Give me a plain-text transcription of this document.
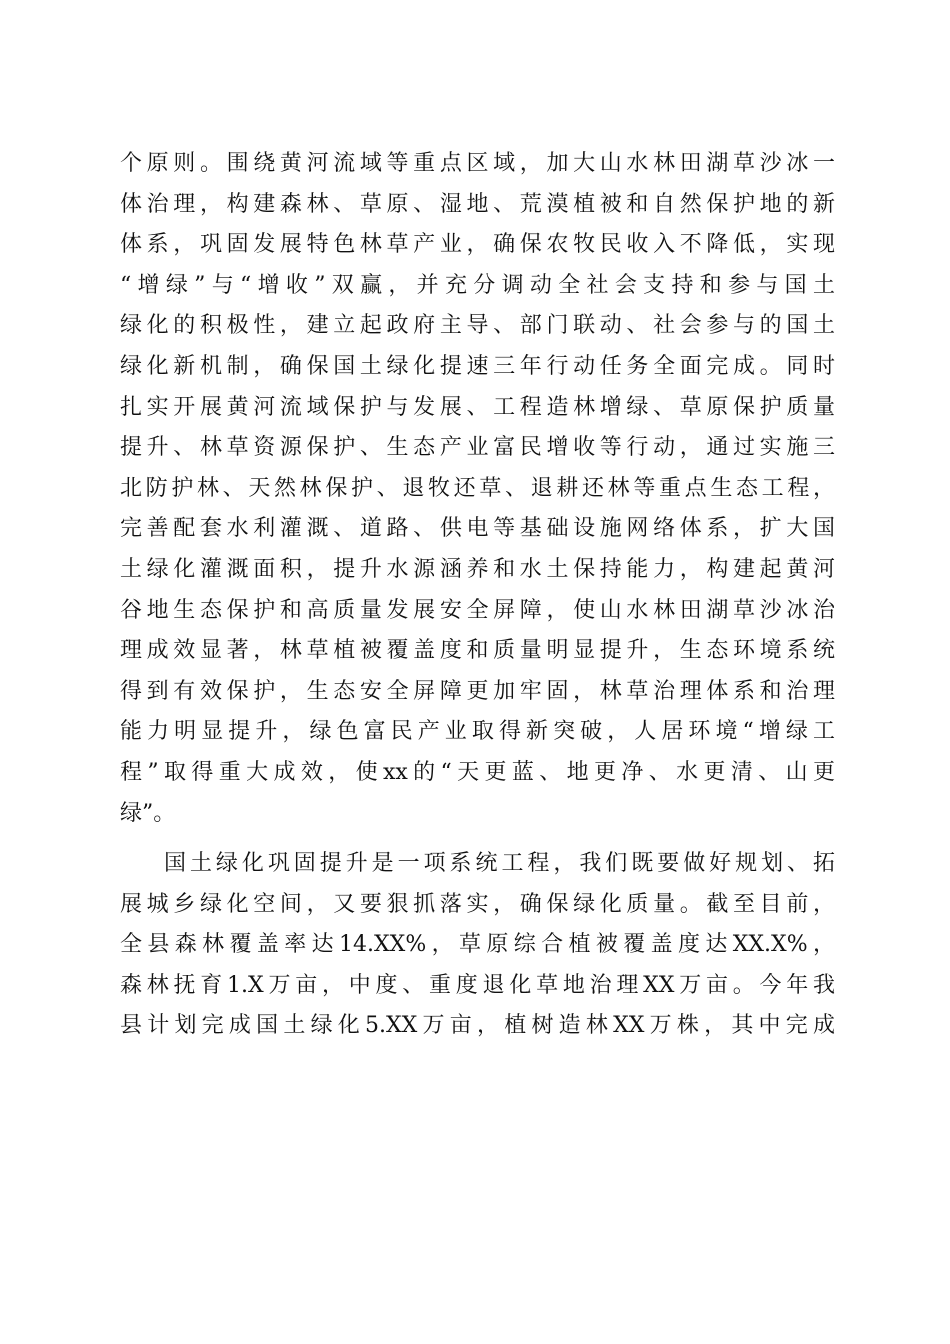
个原则。围绕黄河流域等重点区域，加大山水林田湖草沙冰一
体治理，构建森林、草原、湿地、荒漠植被和自然保护地的新
体系，巩固发展特色林草产业，确保农牧民收入不降低，实现
“增绿”与“增收”双赢，并充分调动全社会支持和参与国土
绿化的积极性，建立起政府主导、部门联动、社会参与的国土
绿化新机制，确保国土绿化提速三年行动任务全面完成。同时
扎实开展黄河流域保护与发展、工程造林增绿、草原保护质量
提升、林草资源保护、生态产业富民增收等行动，通过实施三
北防护林、天然林保护、退牧还草、退耕还林等重点生态工程，
完善配套水利灌溉、道路、供电等基础设施网络体系，扩大国
土绿化灌溉面积，提升水源涵养和水土保持能力，构建起黄河
谷地生态保护和高质量发展安全屏障，使山水林田湖草沙冰治
理成效显著，林草植被覆盖度和质量明显提升，生态环境系统
得到有效保护，生态安全屏障更加牢固，林草治理体系和治理
能力明显提升，绿色富民产业取得新突破，人居环境“增绿工
程”取得重大成效，使xx的“天更蓝、地更净、水更清、山更
绿”。
国土绿化巩固提升是一项系统工程，我们既要做好规划、拓
展城乡绿化空间，又要狠抓落实，确保绿化质量。截至目前，
全县森林覆盖率达14.XX%，草原综合植被覆盖度达XX.X%，
森林抚育1.X万亩，中度、重度退化草地治理XX万亩。今年我
县计划完成国土绿化5.XX万亩，植树造林XX万株，其中完成
